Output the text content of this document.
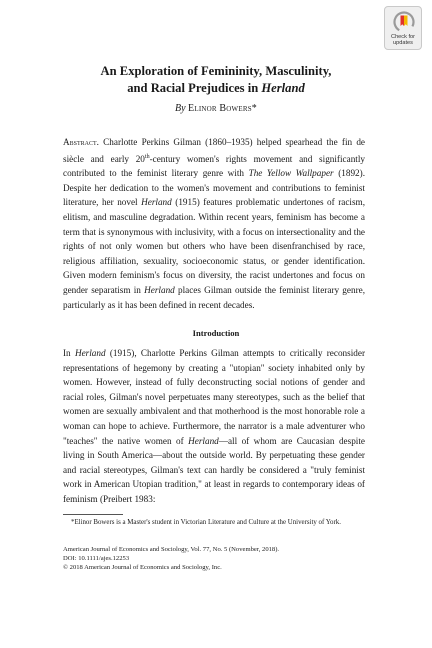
Check for
updates
An Exploration of Femininity, Masculinity,
and Racial Prejudices in Herland
By Elinor Bowers*
Abstract. Charlotte Perkins Gilman (1860–1935) helped spearhead the fin de siècle and early 20th-century women's rights movement and significantly contributed to the feminist literary genre with The Yellow Wallpaper (1892). Despite her dedication to the women's movement and contributions to feminist literature, her novel Herland (1915) features problematic undertones of racism, elitism, and masculine degradation. Within recent years, feminism has become a term that is synonymous with inclusivity, with a focus on intersectionality and the rights of not only women but others who have been disenfranchised by race, religious affiliation, sexuality, socioeconomic status, or gender identification. Given modern feminism's focus on diversity, the racist undertones and focus on gender separatism in Herland places Gilman outside the feminist literary genre, particularly as it has been defined in recent decades.
Introduction
In Herland (1915), Charlotte Perkins Gilman attempts to critically reconsider representations of hegemony by creating a "utopian" society inhabited only by women. However, instead of fully deconstructing social notions of gender and racial roles, Gilman's novel perpetuates many stereotypes, such as the belief that women are sexually ambivalent and that motherhood is the most honorable role a woman can hope to achieve. Furthermore, the narrator is a male adventurer who "teaches" the native women of Herland—all of whom are Caucasian despite living in South America—about the outside world. By perpetuating these gender and racial stereotypes, Gilman's text can hardly be considered a "truly feminist work in American Utopian tradition," at least in regards to contemporary ideas of feminism (Preibert 1983:

*Elinor Bowers is a Master's student in Victorian Literature and Culture at the University of York.

American Journal of Economics and Sociology, Vol. 77, No. 5 (November, 2018).
DOI: 10.1111/ajes.12253
© 2018 American Journal of Economics and Sociology, Inc.
